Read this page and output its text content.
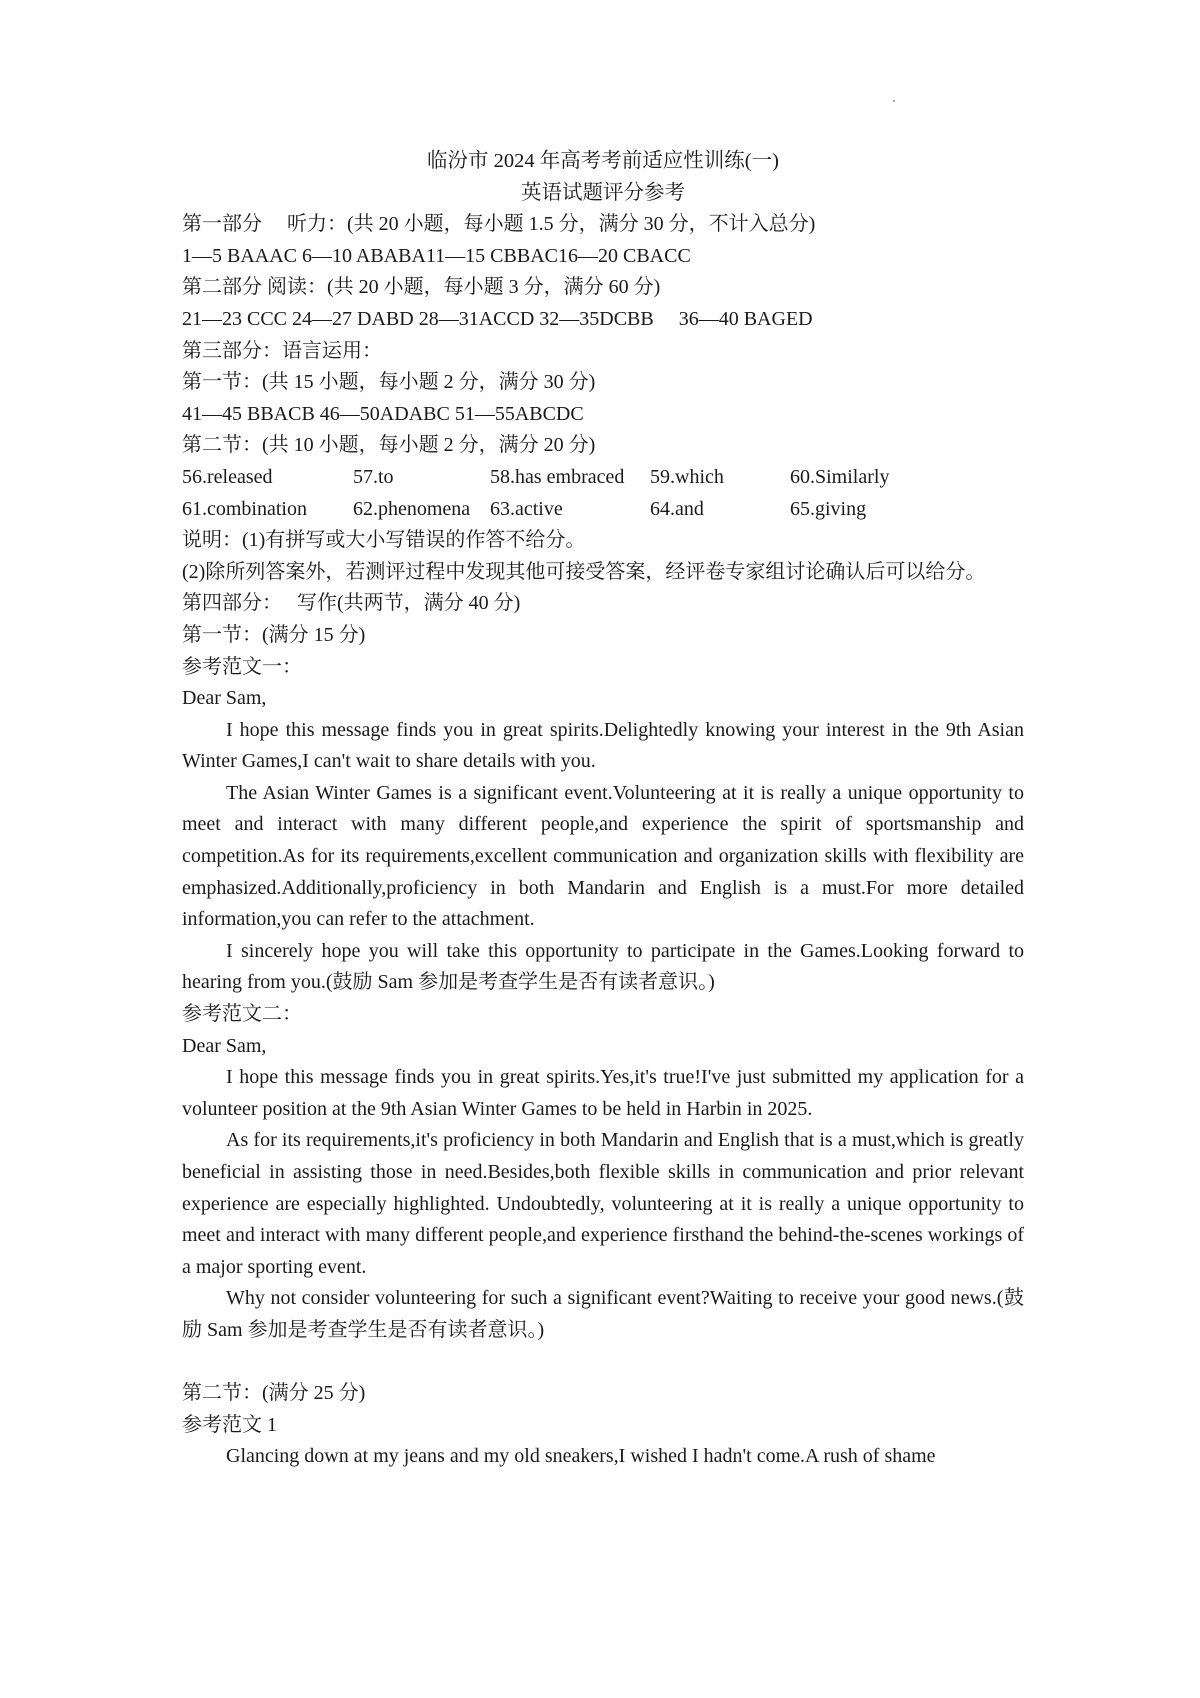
临汾市 2024 年高考考前适应性训练(一)
英语试题评分参考
第一部分　 听力：(共 20 小题，每小题 1.5 分，满分 30 分，不计入总分)
1—5 BAAAC 6—10 ABABA11—15 CBBAC16—20 CBACC
第二部分 阅读：(共 20 小题，每小题 3 分，满分 60 分)
21—23 CCC 24—27 DABD 28—31ACCD 32—35DCBB　 36—40 BAGED
第三部分：语言运用：
第一节：(共 15 小题，每小题 2 分，满分 30 分)
41—45 BBACB 46—50ADABC 51—55ABCDC
第二节：(共 10 小题，每小题 2 分，满分 20 分)
56.released	57.to	58.has embraced	59.which	60.Similarly
61.combination	62.phenomena 63.active	64.and	65.giving
说明：(1)有拼写或大小写错误的作答不给分。
(2)除所列答案外，若测评过程中发现其他可接受答案，经评卷专家组讨论确认后可以给分。
第四部分：　 写作(共两节，满分 40 分)
第一节：(满分 15 分)
参考范文一：
Dear Sam,
I hope this message finds you in great spirits.Delightedly knowing your interest in the 9th Asian Winter Games,I can't wait to share details with you.
The Asian Winter Games is a significant event.Volunteering at it is really a unique opportunity to meet and interact with many different people,and experience the spirit of sportsmanship and competition.As for its requirements,excellent communication and organization skills with flexibility are emphasized.Additionally,proficiency in both Mandarin and English is a must.For more detailed information,you can refer to the attachment.
I sincerely hope you will take this opportunity to participate in the Games.Looking forward to hearing from you.(鼓励 Sam 参加是考查学生是否有读者意识。)
参考范文二：
Dear Sam,
I hope this message finds you in great spirits.Yes,it's true!I've just submitted my application for a volunteer position at the 9th Asian Winter Games to be held in Harbin in 2025.
As for its requirements,it's proficiency in both Mandarin and English that is a must,which is greatly beneficial in assisting those in need.Besides,both flexible skills in communication and prior relevant experience are especially highlighted. Undoubtedly, volunteering at it is really a unique opportunity to meet and interact with many different people,and experience firsthand the behind-the-scenes workings of a major sporting event.
Why not consider volunteering for such a significant event?Waiting to receive your good news.(鼓励 Sam 参加是考查学生是否有读者意识。)
第二节：(满分 25 分)
参考范文 1
Glancing down at my jeans and my old sneakers,I wished I hadn't come.A rush of shame
